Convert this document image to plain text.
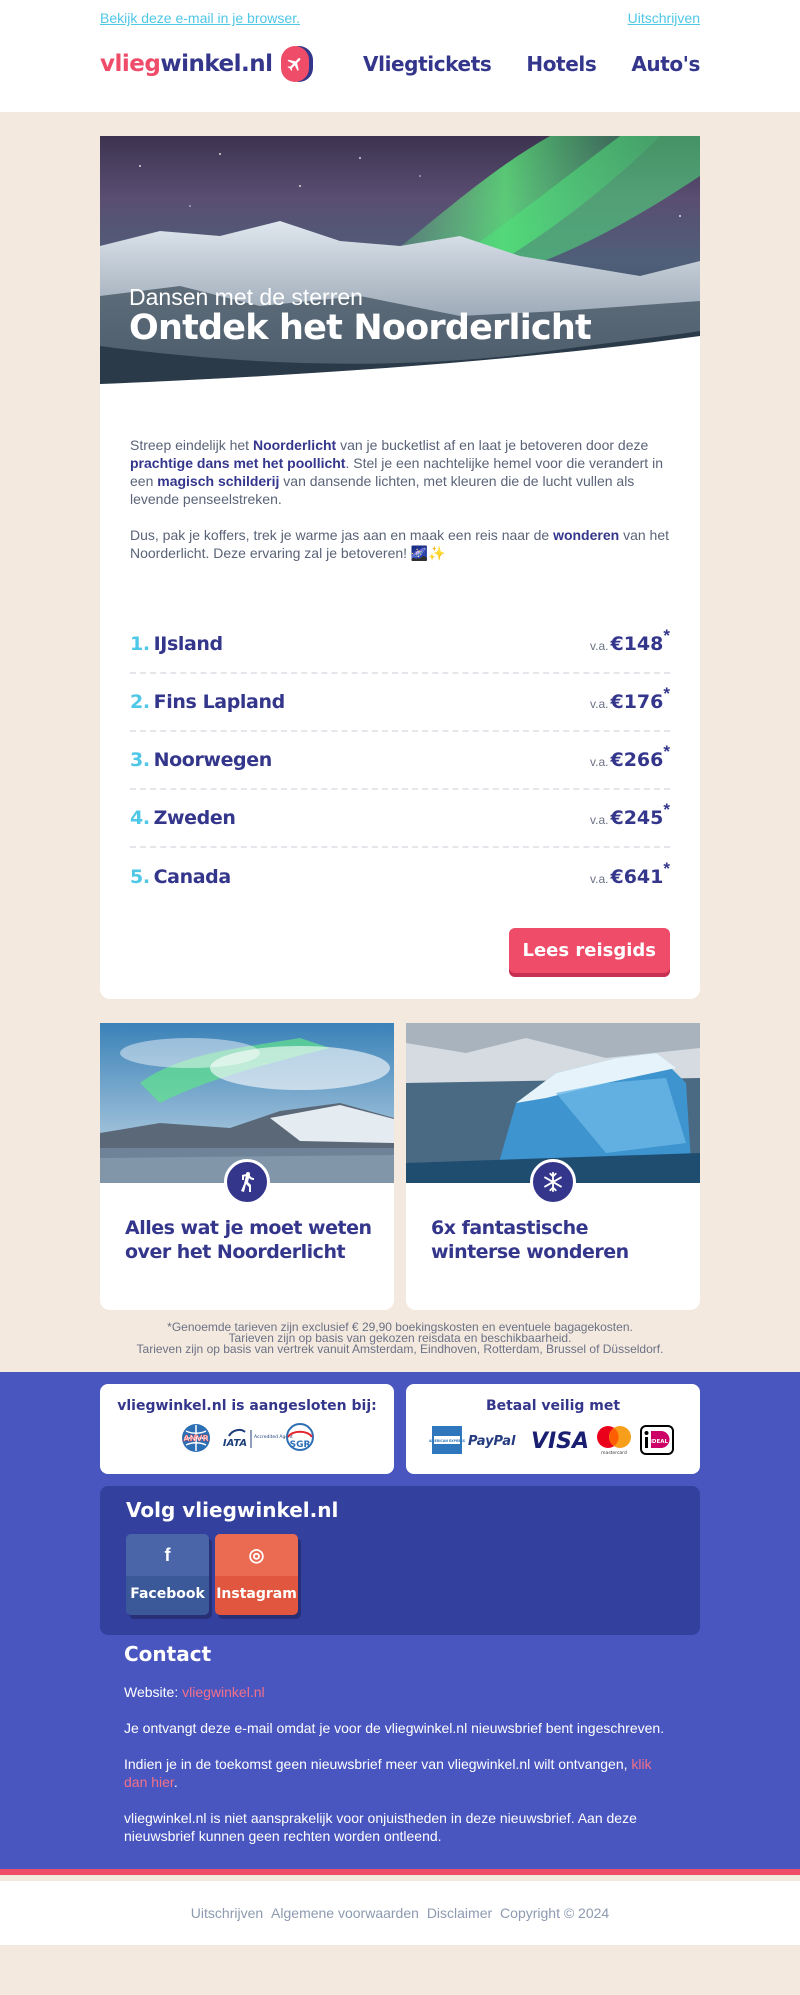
Bekijk deze e-mail in je browser.	Uitschrijven
vlieg winkel.nl	Vliegtickets Hotels Auto's
Dansen met de sterren
Ontdek het Noorderlicht

Streep eindelijk het Noorderlicht van je bucketlist af en laat je betoveren door deze prachtige dans met het poollicht. Stel je een nachtelijke hemel voor die verandert in een magisch schilderij van dansende lichten, met kleuren die de lucht vullen als levende penseelstreken.

Dus, pak je koffers, trek je warme jas aan en maak een reis naar de wonderen van het Noorderlicht. Deze ervaring zal je betoveren! 🌌✨

1. IJsland	v.a. €148 *
2. Fins Lapland	v.a. €176 *
3. Noorwegen	v.a. €266 *
4. Zweden	v.a. €245 *
5. Canada	v.a. €641 *
Lees reisgids
Alles wat je moet weten over het Noorderlicht
6x fantastische winterse wonderen
*Genoemde tarieven zijn exclusief € 29,90 boekingskosten en eventuele bagagekosten.
Tarieven zijn op basis van gekozen reisdata en beschikbaarheid.
Tarieven zijn op basis van vertrek vanuit Amsterdam, Eindhoven, Rotterdam, Brussel of Düsseldorf.
vliegwinkel.nl is aangesloten bij:
ANVR IATA
Accredited Agent
SGR
Betaal veilig met
AMERICAN EXPRESS PayPal VISA	mastercard
iDEAL
Volg vliegwinkel.nl
f
Facebook
◎
Instagram
Contact

Website: vliegwinkel.nl

Je ontvangt deze e-mail omdat je voor de vliegwinkel.nl nieuwsbrief bent ingeschreven.

Indien je in de toekomst geen nieuwsbrief meer van vliegwinkel.nl wilt ontvangen, klik dan hier.

vliegwinkel.nl is niet aansprakelijk voor onjuistheden in deze nieuwsbrief. Aan deze nieuwsbrief kunnen geen rechten worden ontleend.

Uitschrijven Algemene voorwaarden Disclaimer Copyright © 2024
